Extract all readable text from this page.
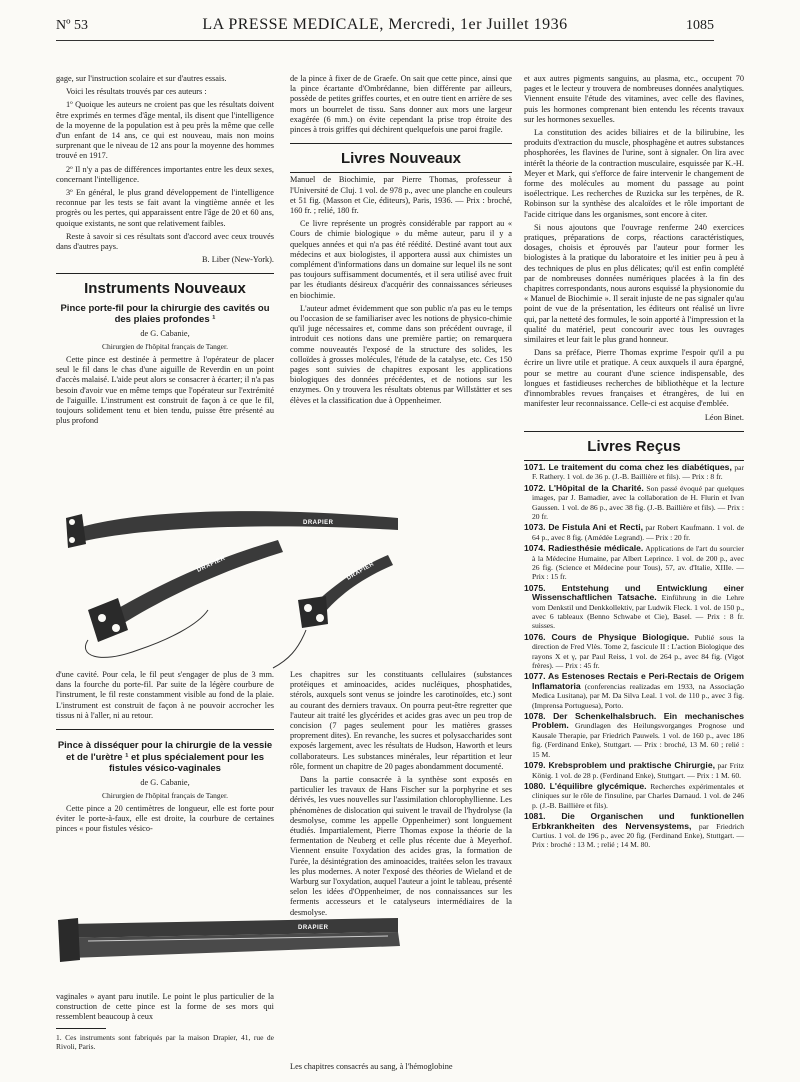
Nº 53	LA PRESSE MEDICALE, Mercredi, 1er Juillet 1936	1085

gage, sur l'instruction scolaire et sur d'autres essais.

Voici les résultats trouvés par ces auteurs :

1º Quoique les auteurs ne croient pas que les résultats doivent être exprimés en termes d'âge mental, ils disent que l'intelligence de la moyenne de la population est à peu près la même que celle d'un enfant de 14 ans, ce qui est nouveau, mais non moins surprenant que le niveau de 12 ans pour la moyenne des hommes trouvé en 1917.

2º Il n'y a pas de différences importantes entre les deux sexes, concernant l'intelligence.

3º En général, le plus grand développement de l'intelligence reconnue par les tests se fait avant la vingtième année et les progrès ou les pertes, qui apparaissent entre l'âge de 20 et 60 ans, quoique existants, ne sont que relativement faibles.

Reste à savoir si ces résultats sont d'accord avec ceux trouvés dans d'autres pays.

B. Liber (New-York).

Instruments Nouveaux
Pince porte-fil pour la chirurgie des cavités ou des plaies profondes ¹

de G. Cabanie,

Chirurgien de l'hôpital français de Tanger.

Cette pince est destinée à permettre à l'opérateur de placer seul le fil dans le chas d'une aiguille de Reverdin en un point d'accès malaisé. L'aide peut alors se consacrer à écarter; il n'a pas besoin d'avoir vue en même temps que l'opérateur sur l'extrémité de l'aiguille. L'instrument est construit de façon à ce que le fil, toujours solidement tenu et bien tendu, puisse être présenté au plus profond

de la pince à fixer de de Graefe. On sait que cette pince, ainsi que la pince écartante d'Ombrédanne, bien différente par ailleurs, possède de petites griffes courtes, et en outre tient en arrière de ses mors un bourrelet de tissu. Sans donner aux mors une largeur exagérée (6 mm.) on évite cependant la prise trop étroite des pinces à trois griffes qui déchirent quelquefois une paroi fragile.

Livres Nouveaux

Manuel de Biochimie, par Pierre Thomas, professeur à l'Université de Cluj. 1 vol. de 978 p., avec une planche en couleurs et 51 fig. (Masson et Cie, éditeurs), Paris, 1936. — Prix : broché, 160 fr. ; relié, 180 fr.

Ce livre représente un progrès considérable par rapport au « Cours de chimie biologique » du même auteur, paru il y a quelques années et qui n'a pas été réédité. Destiné avant tout aux médecins et aux biologistes, il apportera aussi aux chimistes un complément d'informations dans un domaine sur lequel ils ne sont pas toujours suffisamment documentés, et il sera utilisé avec fruit par les étudiants désireux d'acquérir des connaissances sérieuses en biochimie.

L'auteur admet évidemment que son public n'a pas eu le temps ou l'occasion de se familiariser avec les notions de physico-chimie qu'il juge nécessaires et, comme dans son précédent ouvrage, il introduit ces notions dans une première partie; on remarquera comme nouveautés l'exposé de la structure des solides, les colloïdes à grosses molécules, l'étude de la catalyse, etc. Ces 150 pages sont suivies de chapitres exposant les applications biologiques des données précédentes, et de notions sur les enzymes. On y trouvera les résultats obtenus par Willstätter et ses élèves et la classification due à Oppenheimer.

Les chapitres sur les constituants cellulaires (substances protéiques et aminoacides, acides nucléiques, phosphatides, stérols, auxquels sont venus se joindre les carotinoïdes, etc.) sont au courant des derniers travaux. On pourra peut-être regretter que l'auteur ait traité les glycérides et acides gras avec un peu trop de concision (7 pages seulement pour les matières grasses proprement dites). En revanche, les sucres et polysaccharides sont exposés largement, avec les résultats de Hudson, Haworth et leurs collaborateurs. Les substances minérales, leur répartition et leur rôle, forment un chapitre de 20 pages abondamment documenté.

Dans la partie consacrée à la synthèse sont exposés en particulier les travaux de Hans Fischer sur la porphyrine et ses dérivés, les vues nouvelles sur l'assimilation chlorophyllienne. Les phénomènes de dislocation qui suivent le travail de l'hydrolyse (la desmolyse, comme les appelle Oppenheimer) sont longuement étudiés. Impartialement, Pierre Thomas expose la théorie de la fermentation de Neuberg et celle plus récente due à Meyerhof. Viennent ensuite l'oxydation des acides gras, la formation de l'urée, la désintégration des aminoacides, traitées selon les travaux les plus modernes. A noter l'exposé des théories de Wieland et de Warburg sur l'oxydation, auquel l'auteur a joint le tableau, présenté selon les idées d'Oppenheimer, de nos connaissances sur les ferments accesseurs et le catalyseurs intermédiaires de la desmolyse.

DRAPIER
DRAPIER	DRAPIER

d'une cavité. Pour cela, le fil peut s'engager de plus de 3 mm. dans la fourche du porte-fil. Par suite de la légère courbure de l'instrument, le fil reste constamment visible au fond de la plaie. L'instrument est construit de façon à ne pouvoir accrocher les tissus ni à l'aller, ni au retour.

Pince à disséquer pour la chirurgie de la vessie et de l'urètre ¹ et plus spécialement pour les fistules vésico-vaginales

de G. Cabanie,

Chirurgien de l'hôpital français de Tanger.

Cette pince a 20 centimètres de longueur, elle est forte pour éviter le porte-à-faux, elle est droite, la courbure de certaines pinces « pour fistules vésico-

DRAPIER

vaginales » ayant paru inutile. Le point le plus particulier de la construction de cette pince est la forme de ses mors qui ressemblent beaucoup à ceux

1. Ces instruments sont fabriqués par la maison Drapier, 41, rue de Rivoli, Paris.

Les chapitres consacrés au sang, à l'hémoglobine

et aux autres pigments sanguins, au plasma, etc., occupent 70 pages et le lecteur y trouvera de nombreuses données analytiques. Viennent ensuite l'étude des vitamines, avec celle des flavines, puis les hormones comprenant bien entendu les récents travaux sur les hormones sexuelles.

La constitution des acides biliaires et de la bilirubine, les produits d'extraction du muscle, phosphagène et autres substances phosphorées, les flavines de l'urine, sont à signaler. On lira avec intérêt la théorie de la contraction musculaire, esquissée par K.-H. Meyer et Mark, qui s'efforce de faire intervenir le changement de forme des molécules au moment du passage au point isoélectrique. Les recherches de Ruzicka sur les terpènes, de R. Robinson sur la synthèse des alcaloïdes et le rôle important de l'acide citrique dans les organismes, sont encore à citer.

Si nous ajoutons que l'ouvrage renferme 240 exercices pratiques, préparations de corps, réactions caractéristiques, dosages, choisis et éprouvés par l'auteur pour former les biologistes à la pratique du laboratoire et les initier peu à peu à des techniques de plus en plus délicates; qu'il est enfin complété par de nombreuses données numériques placées à la fin des chapitres correspondants, nous aurons esquissé la physionomie du « Manuel de Biochimie ». Il serait injuste de ne pas signaler qu'au point de vue de la présentation, les éditeurs ont réalisé un livre qui, par la netteté des formules, le soin apporté à l'impression et la qualité du matériel, peut concourir avec tous les ouvrages similaires et leur fait le plus grand honneur.

Dans sa préface, Pierre Thomas exprime l'espoir qu'il a pu écrire un livre utile et pratique. A ceux auxquels il aura épargné, pour se mettre au courant d'une science indispensable, des longues et fastidieuses recherches de bibliothèque et la lecture d'innombrables revues françaises et étrangères, de lui en manifester leur reconnaissance. Celle-ci est acquise d'emblée.

Léon Binet.

Livres Reçus

1071. Le traitement du coma chez les diabétiques, par F. Rathery. 1 vol. de 36 p. (J.-B. Baillière et fils). — Prix : 8 fr.

1072. L'Hôpital de la Charité. Son passé évoqué par quelques images, par J. Bamadier, avec la collaboration de H. Flurin et Ivan Gaussen. 1 vol. de 86 p., avec 38 fig. (J.-B. Baillière et fils). — Prix : 20 fr.

1073. De Fistula Ani et Recti, par Robert Kaufmann. 1 vol. de 64 p., avec 8 fig. (Amédée Legrand). — Prix : 20 fr.

1074. Radiesthésie médicale. Applications de l'art du sourcier à la Médecine Humaine, par Albert Leprince. 1 vol. de 200 p., avec 26 fig. (Science et Médecine pour Tous), 57, av. d'Italie, XIIIe. — Prix : 15 fr.

1075. Entstehung und Entwicklung einer Wissenschaftlichen Tatsache. Einführung in die Lehre vom Denkstil und Denkkollektiv, par Ludwik Fleck. 1 vol. de 150 p., avec 6 tableaux (Benno Schwabe et Cie), Basel. — Prix : 8 fr. suisses.

1076. Cours de Physique Biologique. Publié sous la direction de Fred Vlès. Tome 2, fascicule II : L'action Biologique des rayons X et γ, par Paul Reiss, 1 vol. de 264 p., avec 84 fig. (Vigot frères). — Prix : 45 fr.

1077. As Estenoses Rectais e Peri-Rectais de Origem Inflamatoria (conferencias realizadas em 1933, na Associação Medica Lusitana), par M. Da Silva Leal. 1 vol. de 110 p., avec 3 fig. (Imprensa Portuguesa), Porto.

1078. Der Schenkelhalsbruch. Ein mechanisches Problem. Grundlagen des Heilungsvorganges Prognose und Kausale Therapie, par Friedrich Pauwels. 1 vol. de 160 p., avec 186 fig. (Ferdinand Enke), Stuttgart. — Prix : broché, 13 M. 60 ; relié : 15 M.

1079. Krebsproblem und praktische Chirurgie, par Fritz König. 1 vol. de 28 p. (Ferdinand Enke), Stuttgart. — Prix : 1 M. 60.

1080. L'équilibre glycémique. Recherches expérimentales et cliniques sur le rôle de l'insuline, par Charles Darnaud. 1 vol. de 246 p. (J.-B. Baillière et fils).

1081. Die Organischen und funktionellen Erbkrankheiten des Nervensystems, par Friedrich Curtius. 1 vol. de 196 p., avec 20 fig. (Ferdinand Enke), Stuttgart. — Prix : broché : 13 M. ; relié ; 14 M. 80.
